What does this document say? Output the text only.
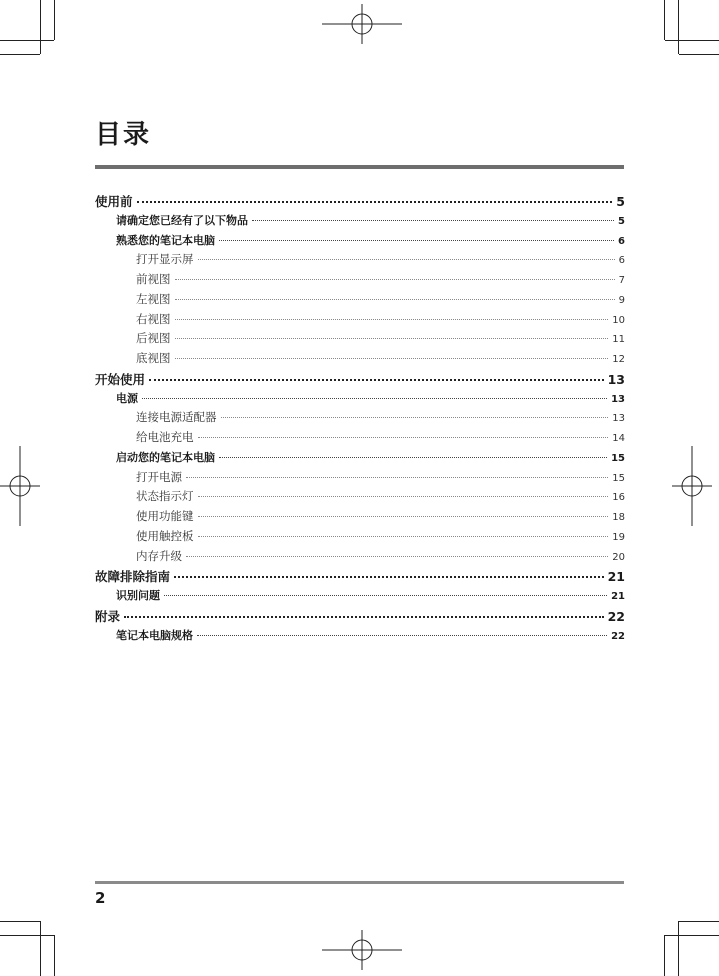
目录
使用前	5
请确定您已经有了以下物品	5
熟悉您的笔记本电脑	6
打开显示屏	6
前视图	7
左视图	9
右视图	10
后视图	11
底视图	12
开始使用	13
电源	13
连接电源适配器	13
给电池充电	14
启动您的笔记本电脑	15
打开电源	15
状态指示灯	16
使用功能键	18
使用触控板	19
内存升级	20
故障排除指南	21
识别问题	21
附录	22
笔记本电脑规格	22
2
